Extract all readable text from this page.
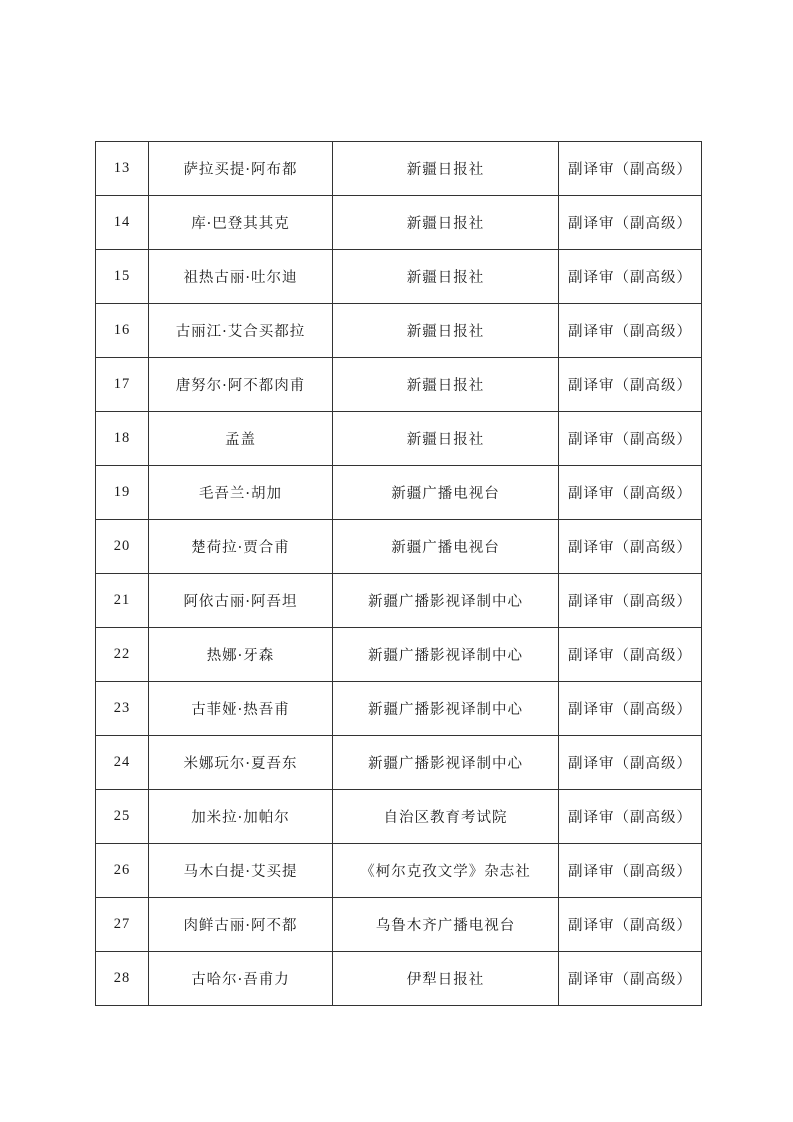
13	萨拉买提·阿布都	新疆日报社	副译审（副高级）
14	库·巴登其其克	新疆日报社	副译审（副高级）
15	祖热古丽·吐尔迪	新疆日报社	副译审（副高级）
16	古丽江·艾合买都拉	新疆日报社	副译审（副高级）
17	唐努尔·阿不都肉甫	新疆日报社	副译审（副高级）
18	孟盖	新疆日报社	副译审（副高级）
19	毛吾兰·胡加	新疆广播电视台	副译审（副高级）
20	楚荷拉·贾合甫	新疆广播电视台	副译审（副高级）
21	阿依古丽·阿吾坦	新疆广播影视译制中心	副译审（副高级）
22	热娜·牙森	新疆广播影视译制中心	副译审（副高级）
23	古菲娅·热吾甫	新疆广播影视译制中心	副译审（副高级）
24	米娜玩尔·夏吾东	新疆广播影视译制中心	副译审（副高级）
25	加米拉·加帕尔	自治区教育考试院	副译审（副高级）
26	马木白提·艾买提	《柯尔克孜文学》杂志社	副译审（副高级）
27	肉鲜古丽·阿不都	乌鲁木齐广播电视台	副译审（副高级）
28	古哈尔·吾甫力	伊犁日报社	副译审（副高级）
